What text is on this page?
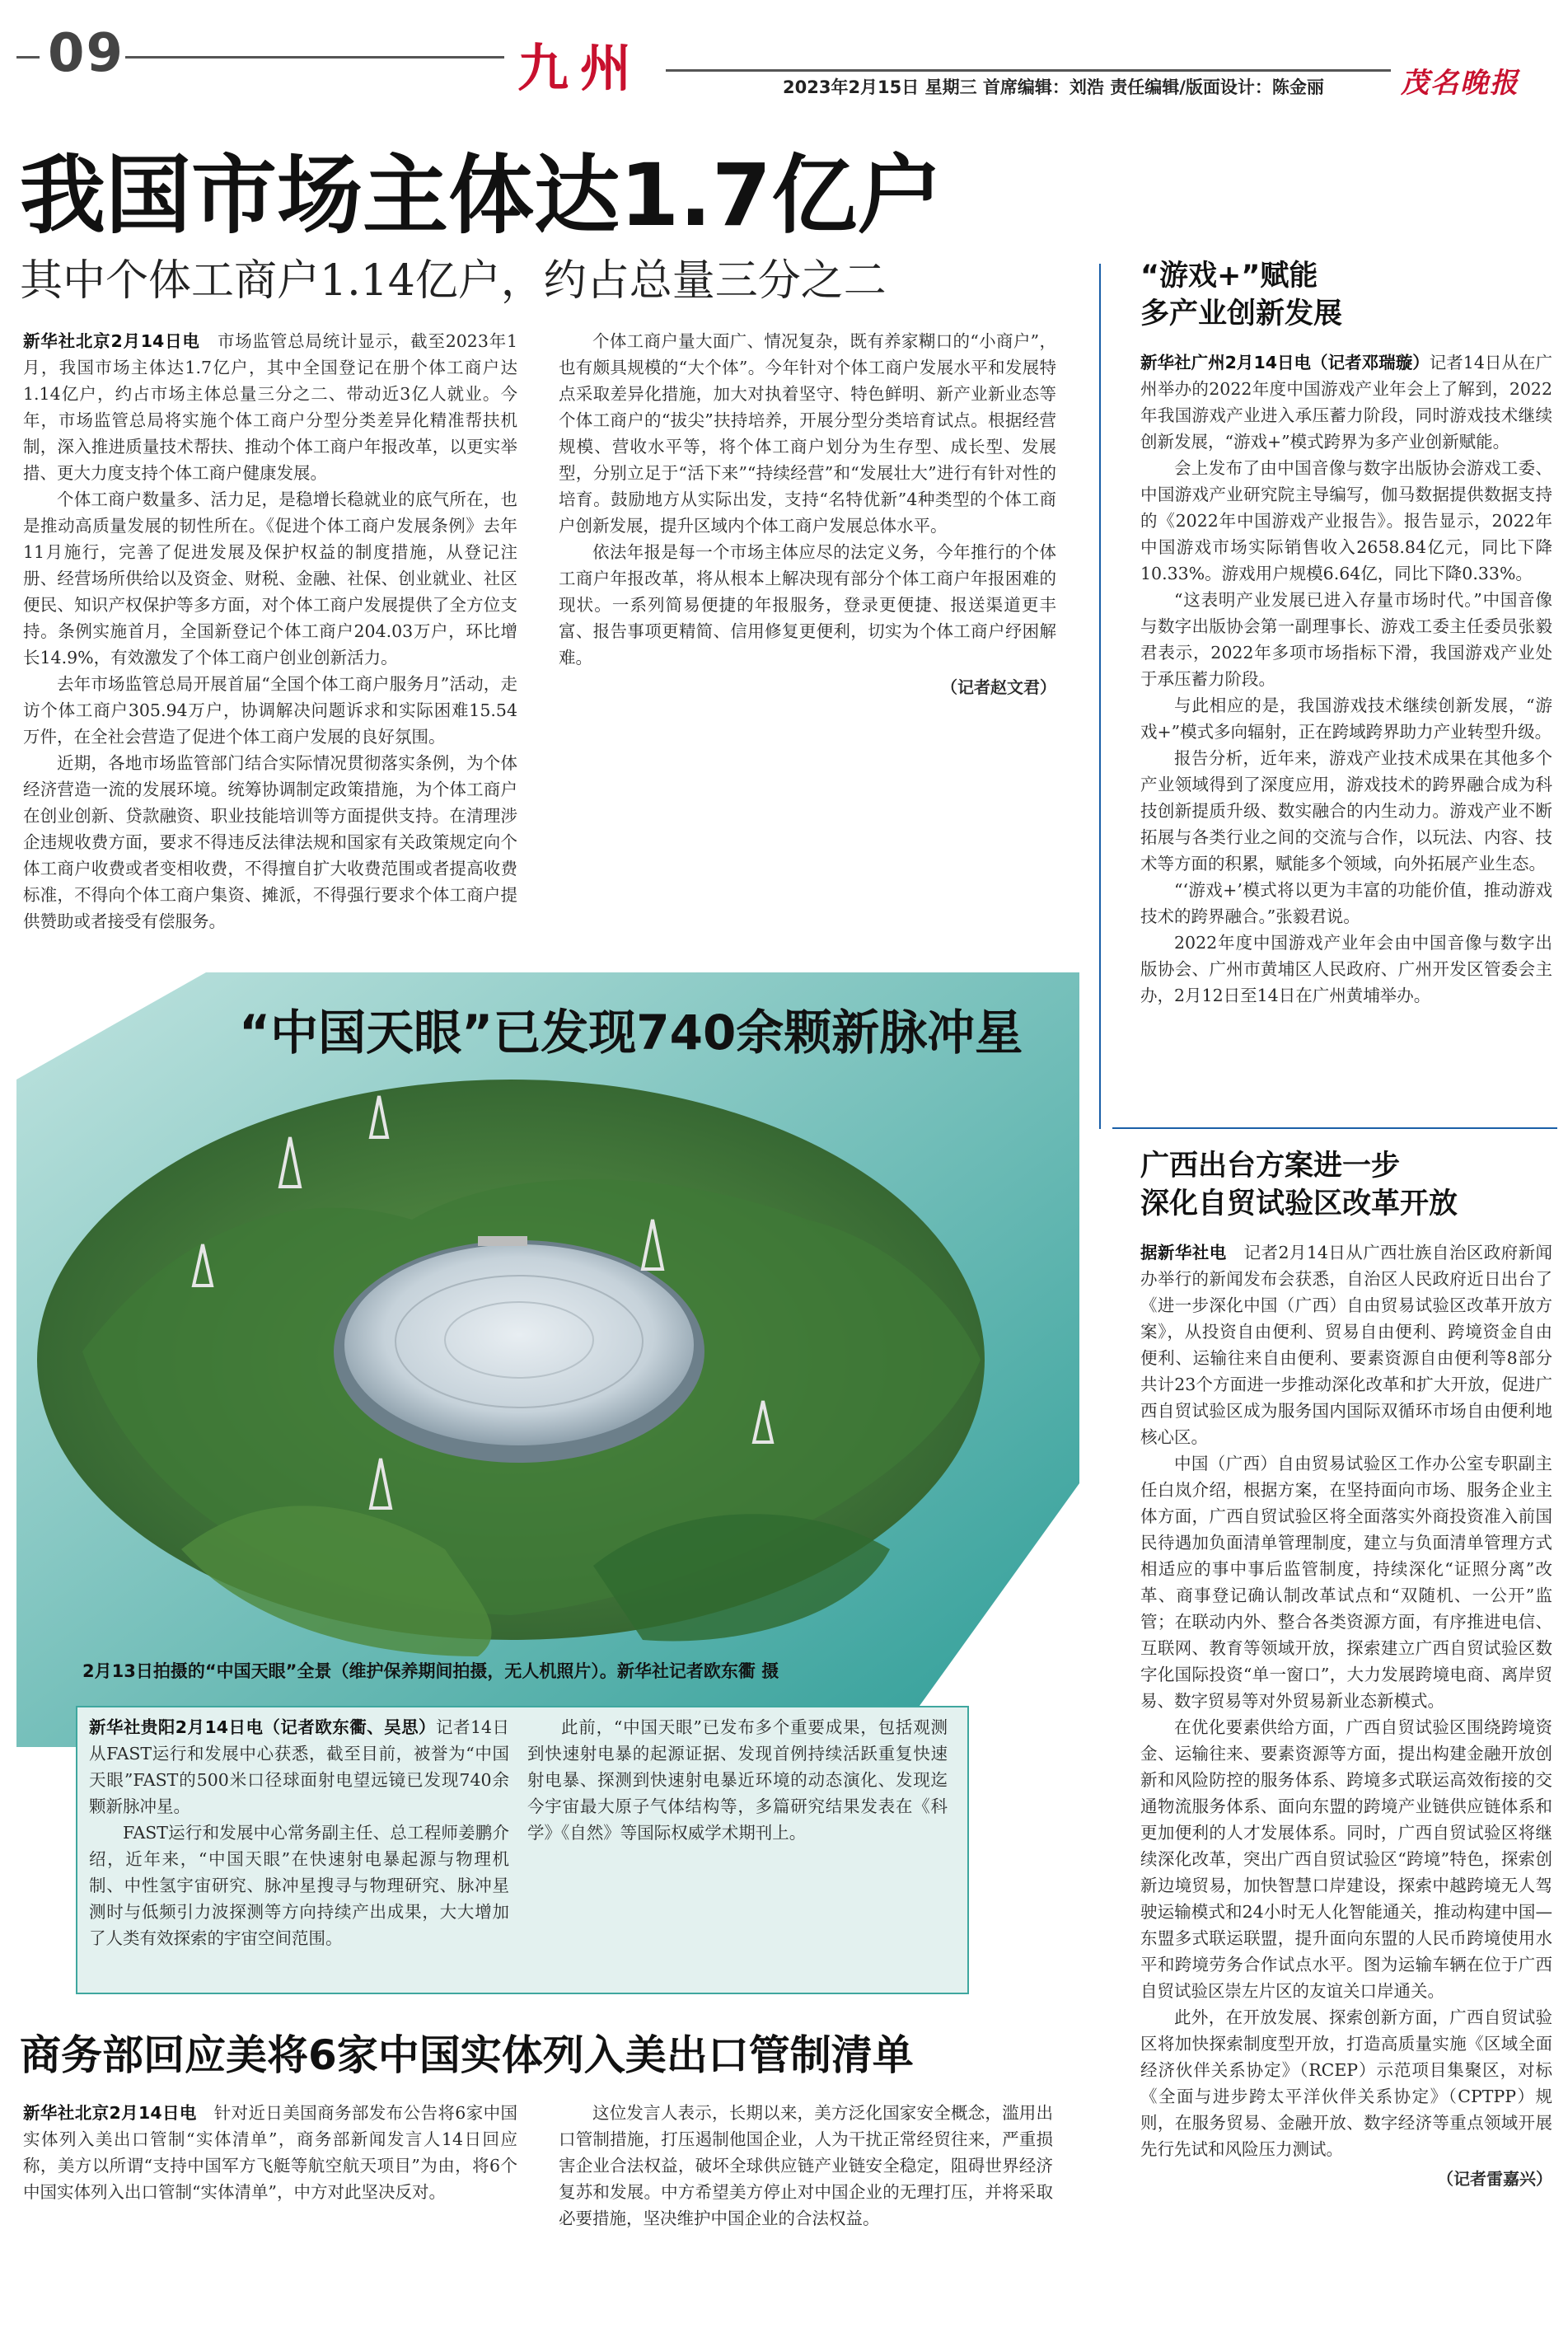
09	九州	2023年2月15日 星期三 首席编辑：刘浩 责任编辑/版面设计：陈金丽	茂名晚报
我国市场主体达1.7亿户
其中个体工商户1.14亿户，约占总量三分之二

新华社北京2月14日电　 市场监管总局统计显示，截至2023年1月，我国市场主体达1.7亿户，其中全国登记在册个体工商户达1.14亿户，约占市场主体总量三分之二、带动近3亿人就业。今年，市场监管总局将实施个体工商户分型分类差异化精准帮扶机制，深入推进质量技术帮扶、推动个体工商户年报改革，以更实举措、更大力度支持个体工商户健康发展。

个体工商户数量多、活力足，是稳增长稳就业的底气所在，也是推动高质量发展的韧性所在。《促进个体工商户发展条例》去年11月施行，完善了促进发展及保护权益的制度措施，从登记注册、经营场所供给以及资金、财税、金融、社保、创业就业、社区便民、知识产权保护等多方面，对个体工商户发展提供了全方位支持。条例实施首月，全国新登记个体工商户204.03万户，环比增长14.9%，有效激发了个体工商户创业创新活力。

去年市场监管总局开展首届“全国个体工商户服务月”活动，走访个体工商户305.94万户，协调解决问题诉求和实际困难15.54万件，在全社会营造了促进个体工商户发展的良好氛围。

近期，各地市场监管部门结合实际情况贯彻落实条例，为个体经济营造一流的发展环境。统筹协调制定政策措施，为个体工商户在创业创新、贷款融资、职业技能培训等方面提供支持。在清理涉企违规收费方面，要求不得违反法律法规和国家有关政策规定向个体工商户收费或者变相收费，不得擅自扩大收费范围或者提高收费标准，不得向个体工商户集资、摊派，不得强行要求个体工商户提供赞助或者接受有偿服务。

个体工商户量大面广、情况复杂，既有养家糊口的“小商户”，也有颇具规模的“大个体”。今年针对个体工商户发展水平和发展特点采取差异化措施，加大对执着坚守、特色鲜明、新产业新业态等个体工商户的“拔尖”扶持培养，开展分型分类培育试点。根据经营规模、营收水平等，将个体工商户划分为生存型、成长型、发展型，分别立足于“活下来”“持续经营”和“发展壮大”进行有针对性的培育。鼓励地方从实际出发，支持“名特优新”4种类型的个体工商户创新发展，提升区域内个体工商户发展总体水平。

依法年报是每一个市场主体应尽的法定义务，今年推行的个体工商户年报改革，将从根本上解决现有部分个体工商户年报困难的现状。一系列简易便捷的年报服务，登录更便捷、报送渠道更丰富、报告事项更精简、信用修复更便利，切实为个体工商户纾困解难。

（记者赵文君）
“中国天眼”已发现740余颗新脉冲星
2月13日拍摄的“中国天眼”全景（维护保养期间拍摄，无人机照片）。新华社记者欧东衢 摄

新华社贵阳2月14日电（记者欧东衢、吴思）记者14日从FAST运行和发展中心获悉，截至目前，被誉为“中国天眼”FAST的500米口径球面射电望远镜已发现740余颗新脉冲星。

FAST运行和发展中心常务副主任、总工程师姜鹏介绍，近年来，“中国天眼”在快速射电暴起源与物理机制、中性氢宇宙研究、脉冲星搜寻与物理研究、脉冲星测时与低频引力波探测等方向持续产出成果，大大增加了人类有效探索的宇宙空间范围。

此前，“中国天眼”已发布多个重要成果，包括观测到快速射电暴的起源证据、发现首例持续活跃重复快速射电暴、探测到快速射电暴近环境的动态演化、发现迄今宇宙最大原子气体结构等，多篇研究结果发表在《科学》《自然》等国际权威学术期刊上。

商务部回应美将6家中国实体列入美出口管制清单

新华社北京2月14日电　 针对近日美国商务部发布公告将6家中国实体列入美出口管制“实体清单”，商务部新闻发言人14日回应称，美方以所谓“支持中国军方飞艇等航空航天项目”为由，将6个中国实体列入出口管制“实体清单”，中方对此坚决反对。

这位发言人表示，长期以来，美方泛化国家安全概念，滥用出口管制措施，打压遏制他国企业，人为干扰正常经贸往来，严重损害企业合法权益，破坏全球供应链产业链安全稳定，阻碍世界经济复苏和发展。中方希望美方停止对中国企业的无理打压，并将采取必要措施，坚决维护中国企业的合法权益。

“游戏+”赋能
多产业创新发展

新华社广州2月14日电（记者邓瑞璇）记者14日从在广州举办的2022年度中国游戏产业年会上了解到，2022年我国游戏产业进入承压蓄力阶段，同时游戏技术继续创新发展，“游戏+”模式跨界为多产业创新赋能。

会上发布了由中国音像与数字出版协会游戏工委、中国游戏产业研究院主导编写，伽马数据提供数据支持的《2022年中国游戏产业报告》。报告显示，2022年中国游戏市场实际销售收入2658.84亿元，同比下降10.33%。游戏用户规模6.64亿，同比下降0.33%。

“这表明产业发展已进入存量市场时代。”中国音像与数字出版协会第一副理事长、游戏工委主任委员张毅君表示，2022年多项市场指标下滑，我国游戏产业处于承压蓄力阶段。

与此相应的是，我国游戏技术继续创新发展，“游戏+”模式多向辐射，正在跨域跨界助力产业转型升级。

报告分析，近年来，游戏产业技术成果在其他多个产业领域得到了深度应用，游戏技术的跨界融合成为科技创新提质升级、数实融合的内生动力。游戏产业不断拓展与各类行业之间的交流与合作，以玩法、内容、技术等方面的积累，赋能多个领域，向外拓展产业生态。

“‘游戏+’模式将以更为丰富的功能价值，推动游戏技术的跨界融合。”张毅君说。

2022年度中国游戏产业年会由中国音像与数字出版协会、广州市黄埔区人民政府、广州开发区管委会主办，2月12日至14日在广州黄埔举办。

广西出台方案进一步
深化自贸试验区改革开放

据新华社电　 记者2月14日从广西壮族自治区政府新闻办举行的新闻发布会获悉，自治区人民政府近日出台了《进一步深化中国（广西）自由贸易试验区改革开放方案》，从投资自由便利、贸易自由便利、跨境资金自由便利、运输往来自由便利、要素资源自由便利等8部分共计23个方面进一步推动深化改革和扩大开放，促进广西自贸试验区成为服务国内国际双循环市场自由便利地核心区。

中国（广西）自由贸易试验区工作办公室专职副主任白岚介绍，根据方案，在坚持面向市场、服务企业主体方面，广西自贸试验区将全面落实外商投资准入前国民待遇加负面清单管理制度，建立与负面清单管理方式相适应的事中事后监管制度，持续深化“证照分离”改革、商事登记确认制改革试点和“双随机、一公开”监管；在联动内外、整合各类资源方面，有序推进电信、互联网、教育等领域开放，探索建立广西自贸试验区数字化国际投资“单一窗口”，大力发展跨境电商、离岸贸易、数字贸易等对外贸易新业态新模式。

在优化要素供给方面，广西自贸试验区围绕跨境资金、运输往来、要素资源等方面，提出构建金融开放创新和风险防控的服务体系、跨境多式联运高效衔接的交通物流服务体系、面向东盟的跨境产业链供应链体系和更加便利的人才发展体系。同时，广西自贸试验区将继续深化改革，突出广西自贸试验区“跨境”特色，探索创新边境贸易，加快智慧口岸建设，探索中越跨境无人驾驶运输模式和24小时无人化智能通关，推动构建中国—东盟多式联运联盟，提升面向东盟的人民币跨境使用水平和跨境劳务合作试点水平。图为运输车辆在位于广西自贸试验区崇左片区的友谊关口岸通关。

此外，在开放发展、探索创新方面，广西自贸试验区将加快探索制度型开放，打造高质量实施《区域全面经济伙伴关系协定》（RCEP）示范项目集聚区，对标《全面与进步跨太平洋伙伴关系协定》（CPTPP）规则，在服务贸易、金融开放、数字经济等重点领域开展先行先试和风险压力测试。

（记者雷嘉兴）
